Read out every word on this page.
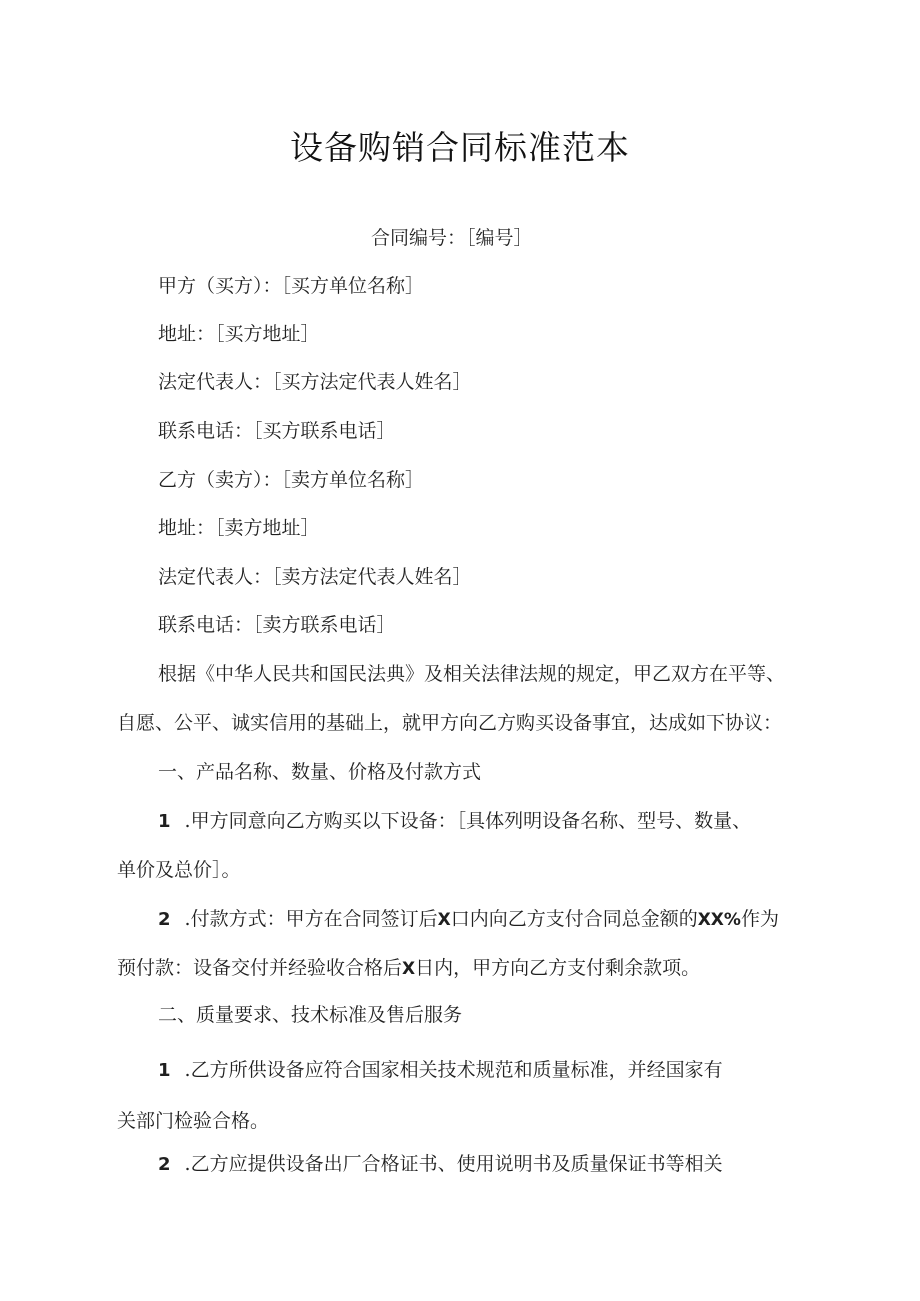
设备购销合同标准范本
合同编号：［编号］
甲方（买方）：［买方单位名称］
地址：［买方地址］
法定代表人：［买方法定代表人姓名］
联系电话：［买方联系电话］
乙方（卖方）：［卖方单位名称］
地址：［卖方地址］
法定代表人：［卖方法定代表人姓名］
联系电话：［卖方联系电话］
根据《中华人民共和国民法典》及相关法律法规的规定，甲乙双方在平等、
自愿、公平、诚实信用的基础上，就甲方向乙方购买设备事宜，达成如下协议：
一、产品名称、数量、价格及付款方式
1 .甲方同意向乙方购买以下设备：［具体列明设备名称、型号、数量、
单价及总价］。
2 .付款方式：甲方在合同签订后X口内向乙方支付合同总金额的XX%作为
预付款：设备交付并经验收合格后X日内，甲方向乙方支付剩余款项。
二、质量要求、技术标准及售后服务
1 .乙方所供设备应符合国家相关技术规范和质量标准，并经国家有
关部门检验合格。
2 .乙方应提供设备出厂合格证书、使用说明书及质量保证书等相关
